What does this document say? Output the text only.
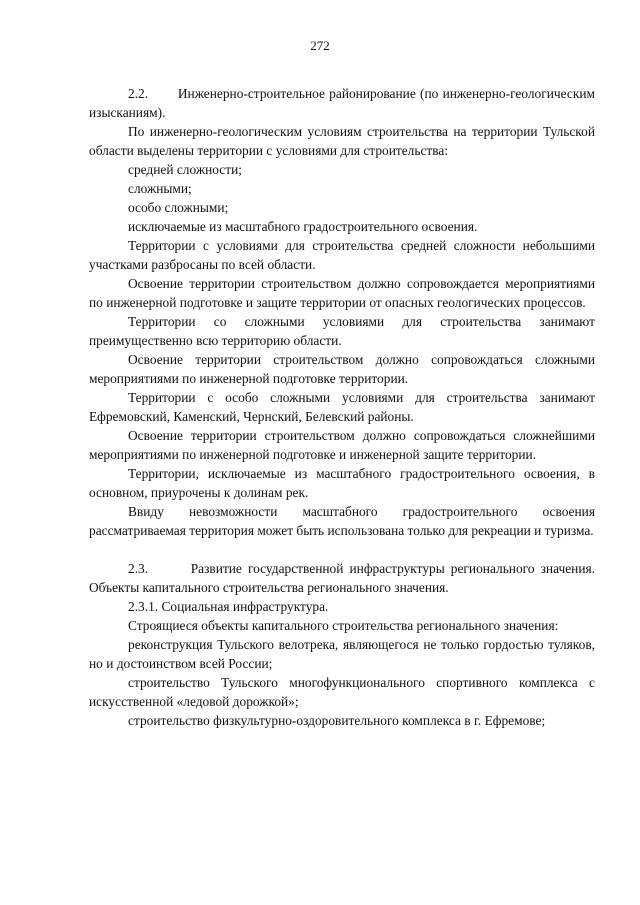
272

2.2.       Инженерно-строительное районирование (по инженерно-геологическим изысканиям).

По инженерно-геологическим условиям строительства на территории Тульской области выделены территории с условиями для строительства:

средней сложности;

сложными;

особо сложными;

исключаемые из масштабного градостроительного освоения.

Территории с условиями для строительства средней сложности небольшими участками разбросаны по всей области.

Освоение территории строительством должно сопровождается мероприятиями по инженерной подготовке и защите территории от опасных геологических процессов.

Территории со сложными условиями для строительства занимают преимущественно всю территорию области.

Освоение территории строительством должно сопровождаться сложными мероприятиями по инженерной подготовке территории.

Территории с особо сложными условиями для строительства занимают Ефремовский, Каменский, Чернский, Белевский районы.

Освоение территории строительством должно сопровождаться сложнейшими мероприятиями по инженерной подготовке и инженерной защите территории.

Территории, исключаемые из масштабного градостроительного освоения, в основном, приурочены к долинам рек.

Ввиду невозможности масштабного градостроительного освоения рассматриваемая территория может быть использована только для рекреации и туризма.

2.3.       Развитие государственной инфраструктуры регионального значения. Объекты капитального строительства регионального значения.

2.3.1. Социальная инфраструктура.

Строящиеся объекты капитального строительства регионального значения:

реконструкция Тульского велотрека, являющегося не только гордостью туляков, но и достоинством всей России;

строительство Тульского многофункционального спортивного комплекса с искусственной «ледовой дорожкой»;

строительство физкультурно-оздоровительного комплекса в г. Ефремове;
